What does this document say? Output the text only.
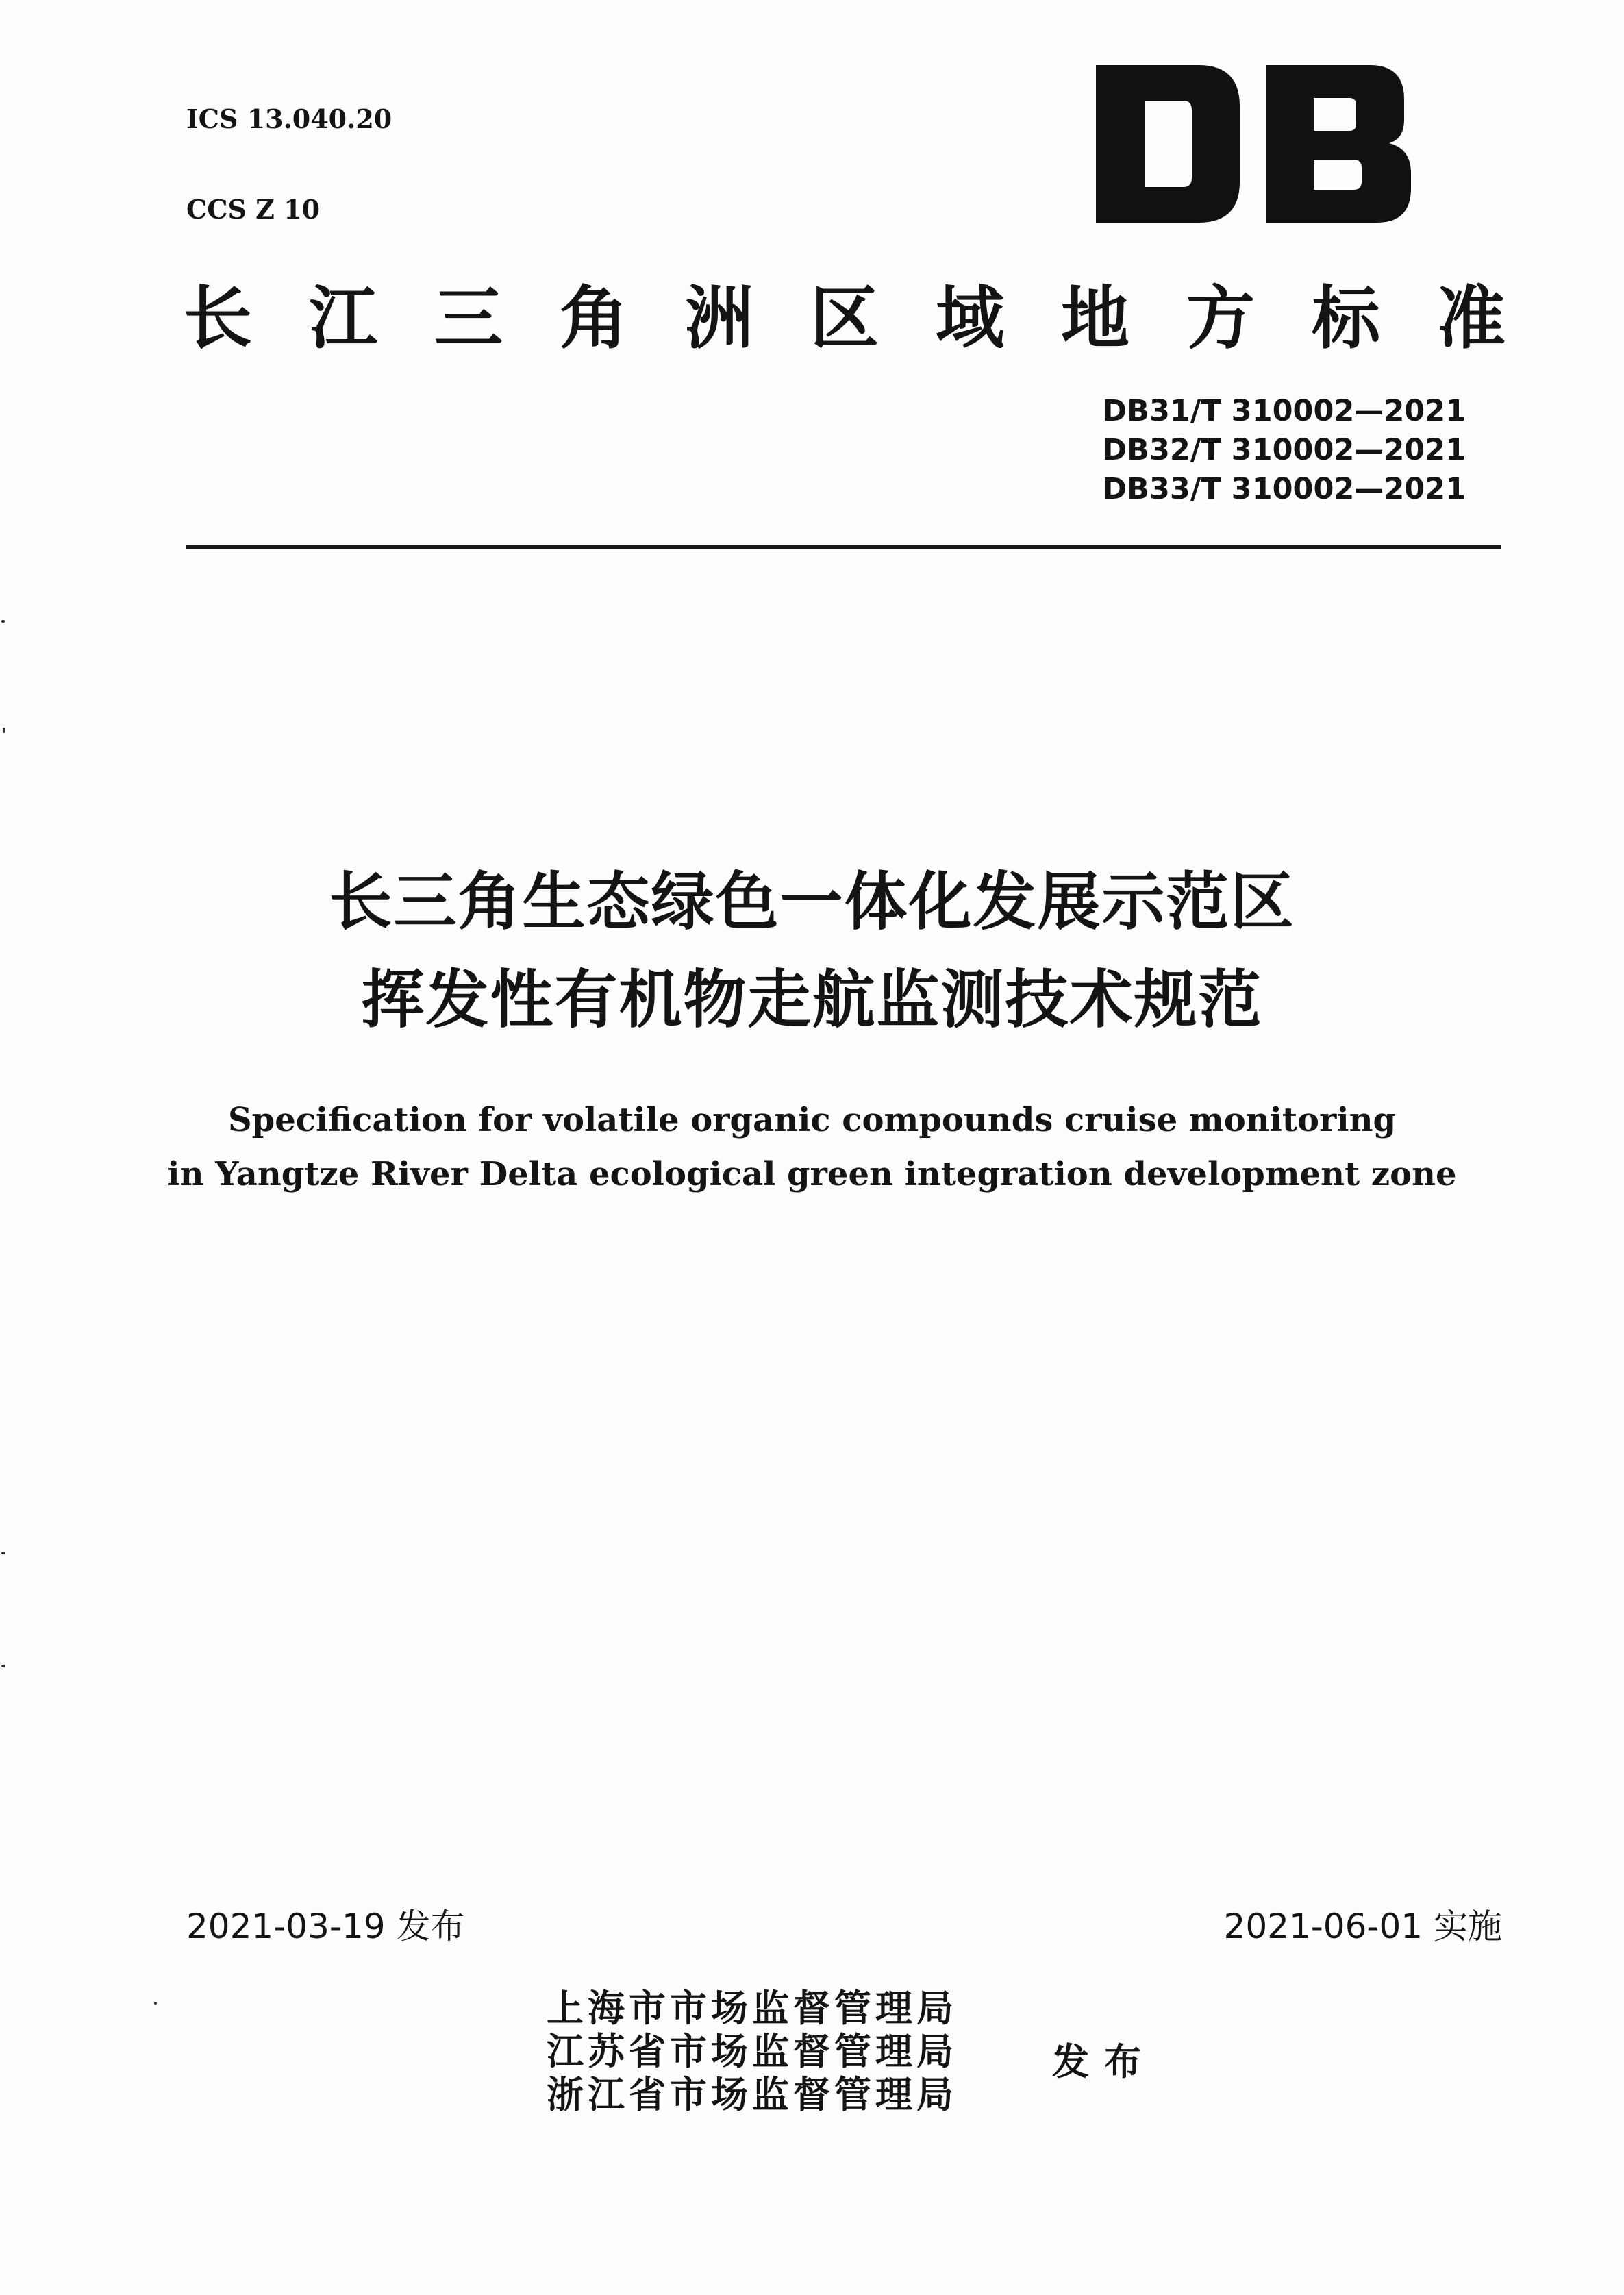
ICS 13.040.20

CCS Z 10

长 江 三 角 洲 区 域 地 方 标 准
DB31/T 310002—2021
DB32/T 310002—2021
DB33/T 310002—2021
长三角生态绿色一体化发展示范区
挥发性有机物走航监测技术规范
Specification for volatile organic compounds cruise monitoring
in Yangtze River Delta ecological green integration development zone
2021-03-19 发布	2021-06-01 实施
上海市市场监督管理局
江苏省市场监督管理局
浙江省市场监督管理局
发布
